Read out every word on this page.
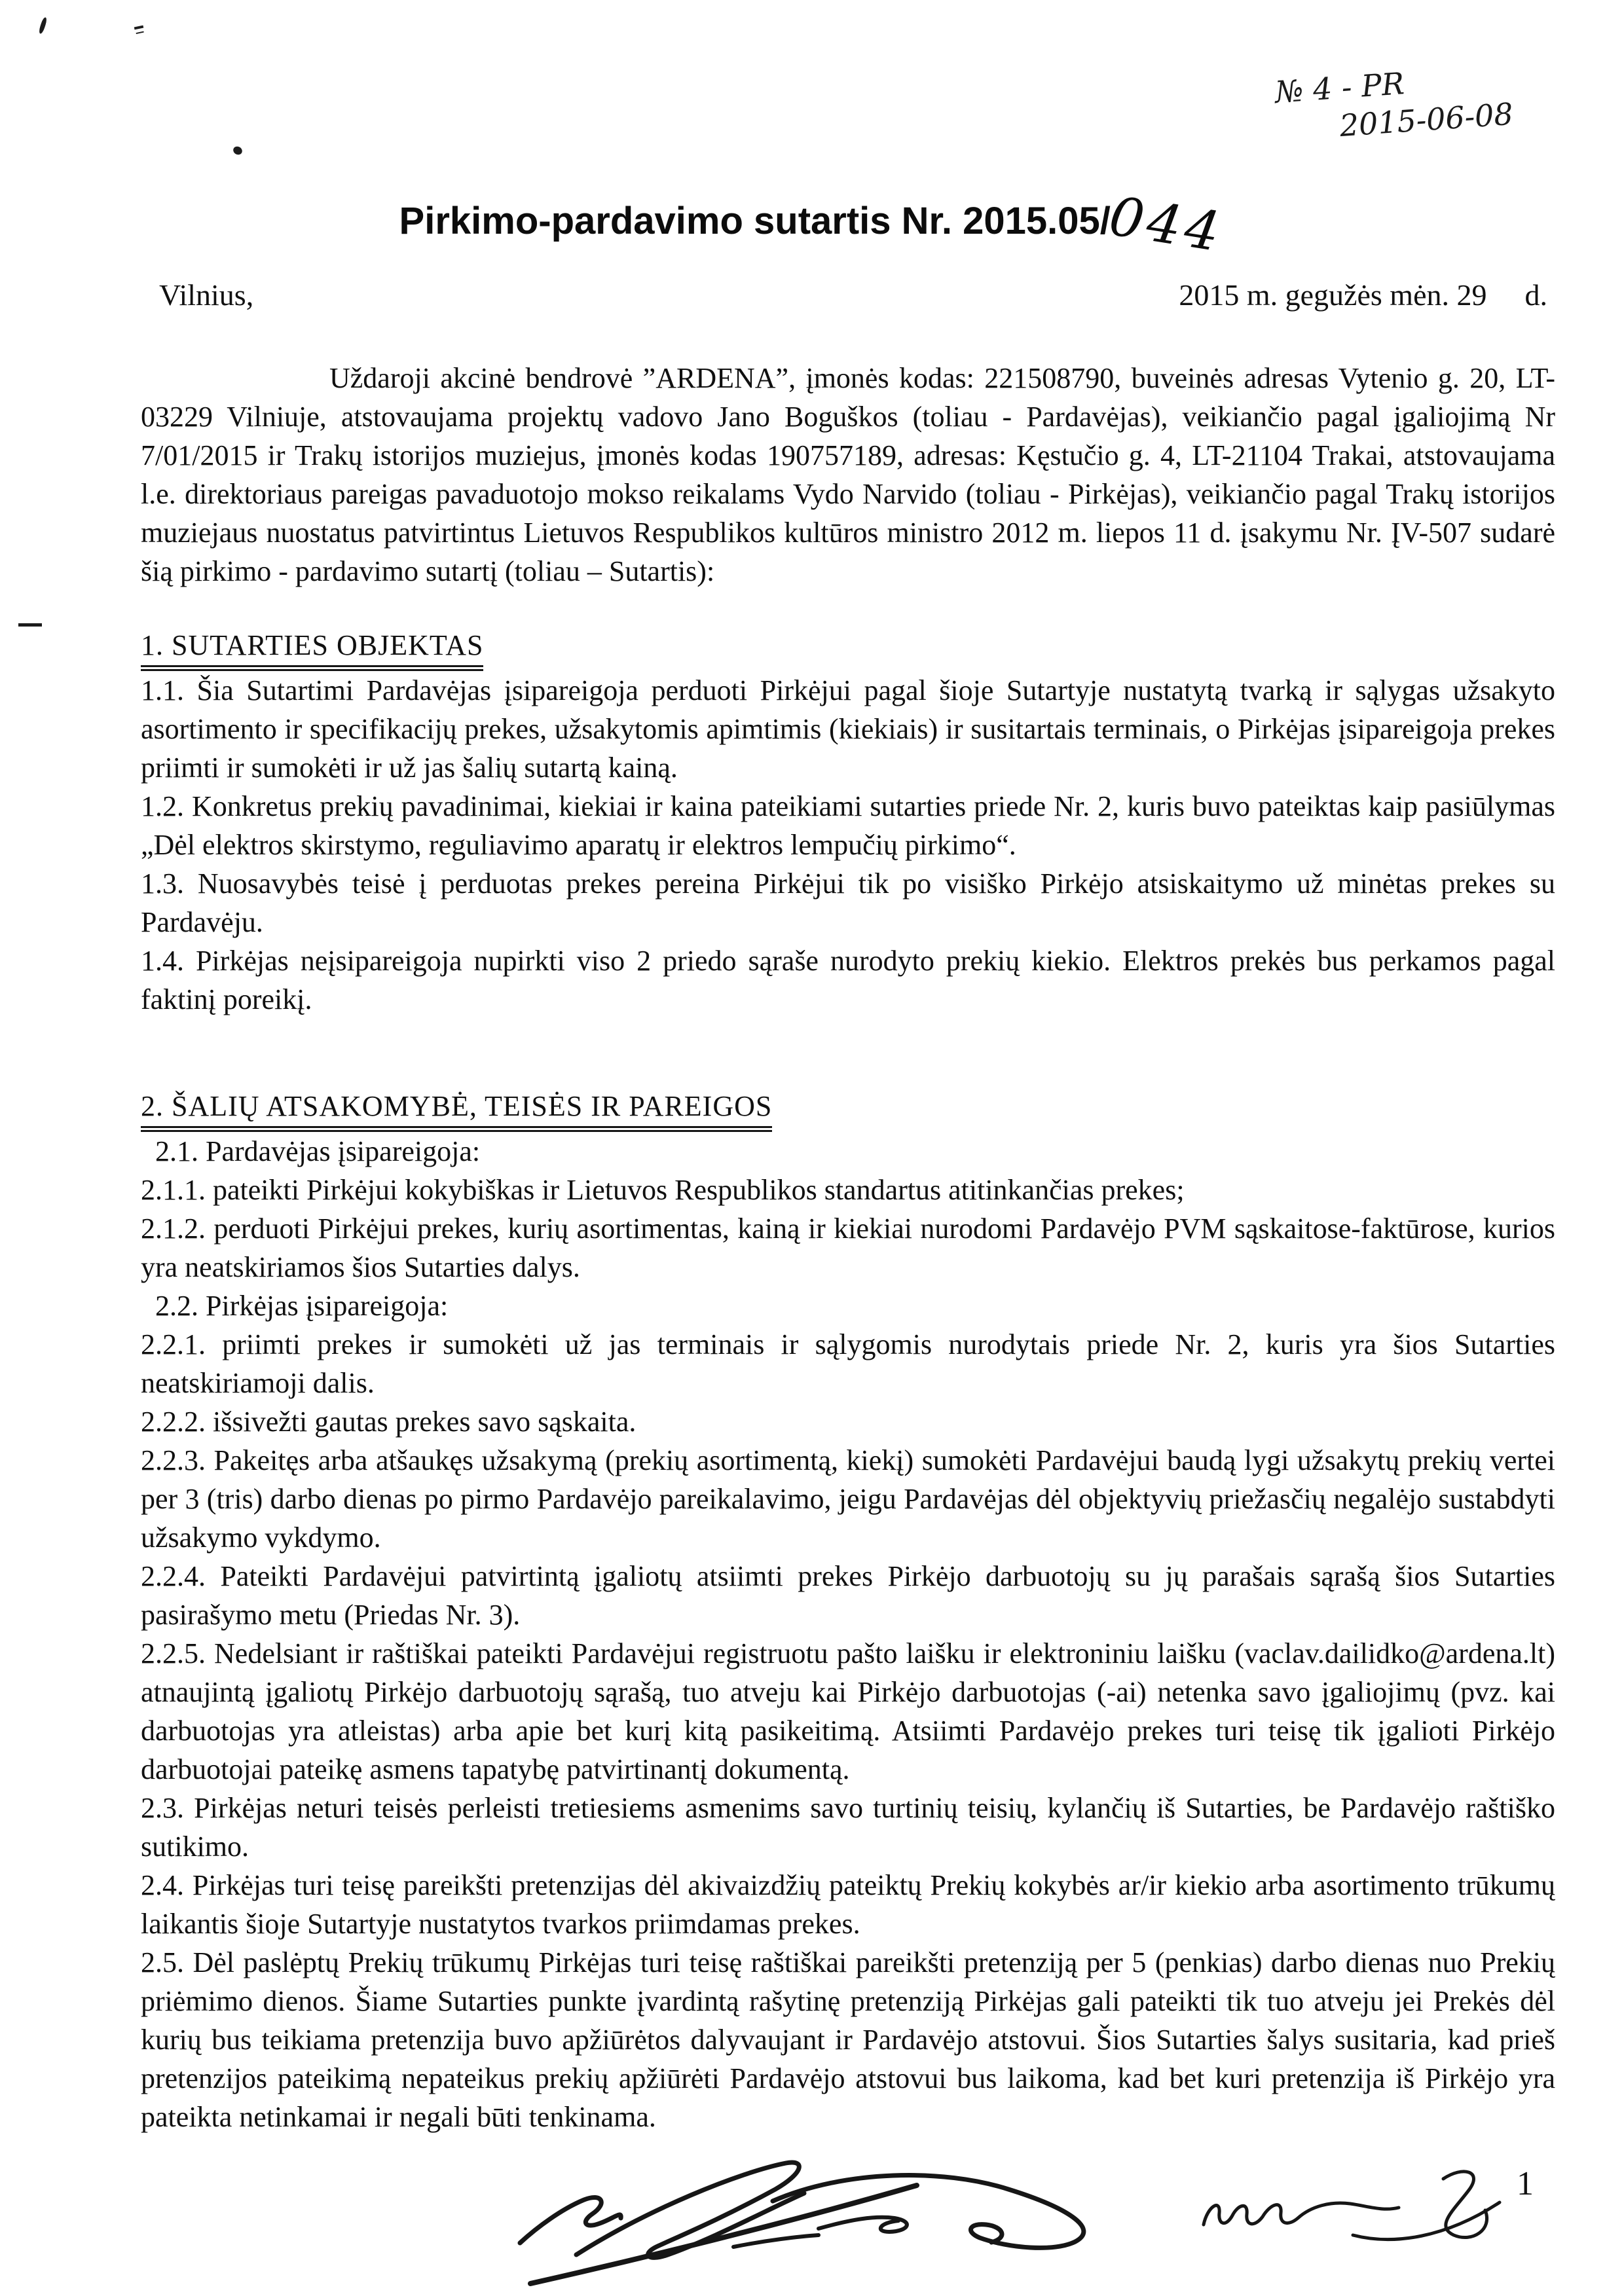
№ 4 - PR
2015-06-08
Pirkimo-pardavimo sutartis Nr. 2015.05/044
Vilnius,	2015 m. gegužės mėn. 29 d.

Uždaroji akcinė bendrovė ”ARDENA”, įmonės kodas: 221508790, buveinės adresas Vytenio g. 20, LT-03229 Vilniuje, atstovaujama projektų vadovo Jano Boguškos (toliau - Pardavėjas), veikiančio pagal įgaliojimą Nr 7/01/2015 ir Trakų istorijos muziejus, įmonės kodas 190757189, adresas: Kęstučio g. 4, LT-21104 Trakai, atstovaujama l.e. direktoriaus pareigas pavaduotojo mokso reikalams Vydo Narvido (toliau - Pirkėjas), veikiančio pagal Trakų istorijos muziejaus nuostatus patvirtintus Lietuvos Respublikos kultūros ministro 2012 m. liepos 11 d. įsakymu Nr. ĮV-507 sudarė šią pirkimo - pardavimo sutartį (toliau – Sutartis):

1. SUTARTIES OBJEKTAS

1.1. Šia Sutartimi Pardavėjas įsipareigoja perduoti Pirkėjui pagal šioje Sutartyje nustatytą tvarką ir sąlygas užsakyto asortimento ir specifikacijų prekes, užsakytomis apimtimis (kiekiais) ir susitartais terminais, o Pirkėjas įsipareigoja prekes priimti ir sumokėti ir už jas šalių sutartą kainą.

1.2. Konkretus prekių pavadinimai, kiekiai ir kaina pateikiami sutarties priede Nr. 2, kuris buvo pateiktas kaip pasiūlymas „Dėl elektros skirstymo, reguliavimo aparatų ir elektros lempučių pirkimo“.

1.3. Nuosavybės teisė į perduotas prekes pereina Pirkėjui tik po visiško Pirkėjo atsiskaitymo už minėtas prekes su Pardavėju.

1.4. Pirkėjas neįsipareigoja nupirkti viso 2 priedo sąraše nurodyto prekių kiekio. Elektros prekės bus perkamos pagal faktinį poreikį.

2. ŠALIŲ ATSAKOMYBĖ, TEISĖS IR PAREIGOS

2.1. Pardavėjas įsipareigoja:

2.1.1. pateikti Pirkėjui kokybiškas ir Lietuvos Respublikos standartus atitinkančias prekes;

2.1.2. perduoti Pirkėjui prekes, kurių asortimentas, kainą ir kiekiai nurodomi Pardavėjo PVM sąskaitose-faktūrose, kurios yra neatskiriamos šios Sutarties dalys.

2.2. Pirkėjas įsipareigoja:

2.2.1. priimti prekes ir sumokėti už jas terminais ir sąlygomis nurodytais priede Nr. 2, kuris yra šios Sutarties neatskiriamoji dalis.

2.2.2. išsivežti gautas prekes savo sąskaita.

2.2.3. Pakeitęs arba atšaukęs užsakymą (prekių asortimentą, kiekį) sumokėti Pardavėjui baudą lygi užsakytų prekių vertei per 3 (tris) darbo dienas po pirmo Pardavėjo pareikalavimo, jeigu Pardavėjas dėl objektyvių priežasčių negalėjo sustabdyti užsakymo vykdymo.

2.2.4. Pateikti Pardavėjui patvirtintą įgaliotų atsiimti prekes Pirkėjo darbuotojų su jų parašais sąrašą šios Sutarties pasirašymo metu (Priedas Nr. 3).

2.2.5. Nedelsiant ir raštiškai pateikti Pardavėjui registruotu pašto laišku ir elektroniniu laišku (vaclav.dailidko@ardena.lt) atnaujintą įgaliotų Pirkėjo darbuotojų sąrašą, tuo atveju kai Pirkėjo darbuotojas (-ai) netenka savo įgaliojimų (pvz. kai darbuotojas yra atleistas) arba apie bet kurį kitą pasikeitimą. Atsiimti Pardavėjo prekes turi teisę tik įgalioti Pirkėjo darbuotojai pateikę asmens tapatybę patvirtinantį dokumentą.

2.3. Pirkėjas neturi teisės perleisti tretiesiems asmenims savo turtinių teisių, kylančių iš Sutarties, be Pardavėjo raštiško sutikimo.

2.4. Pirkėjas turi teisę pareikšti pretenzijas dėl akivaizdžių pateiktų Prekių kokybės ar/ir kiekio arba asortimento trūkumų laikantis šioje Sutartyje nustatytos tvarkos priimdamas prekes.

2.5. Dėl paslėptų Prekių trūkumų Pirkėjas turi teisę raštiškai pareikšti pretenziją per 5 (penkias) darbo dienas nuo Prekių priėmimo dienos. Šiame Sutarties punkte įvardintą rašytinę pretenziją Pirkėjas gali pateikti tik tuo atveju jei Prekės dėl kurių bus teikiama pretenzija buvo apžiūrėtos dalyvaujant ir Pardavėjo atstovui. Šios Sutarties šalys susitaria, kad prieš pretenzijos pateikimą nepateikus prekių apžiūrėti Pardavėjo atstovui bus laikoma, kad bet kuri pretenzija iš Pirkėjo yra pateikta netinkamai ir negali būti tenkinama.

1
